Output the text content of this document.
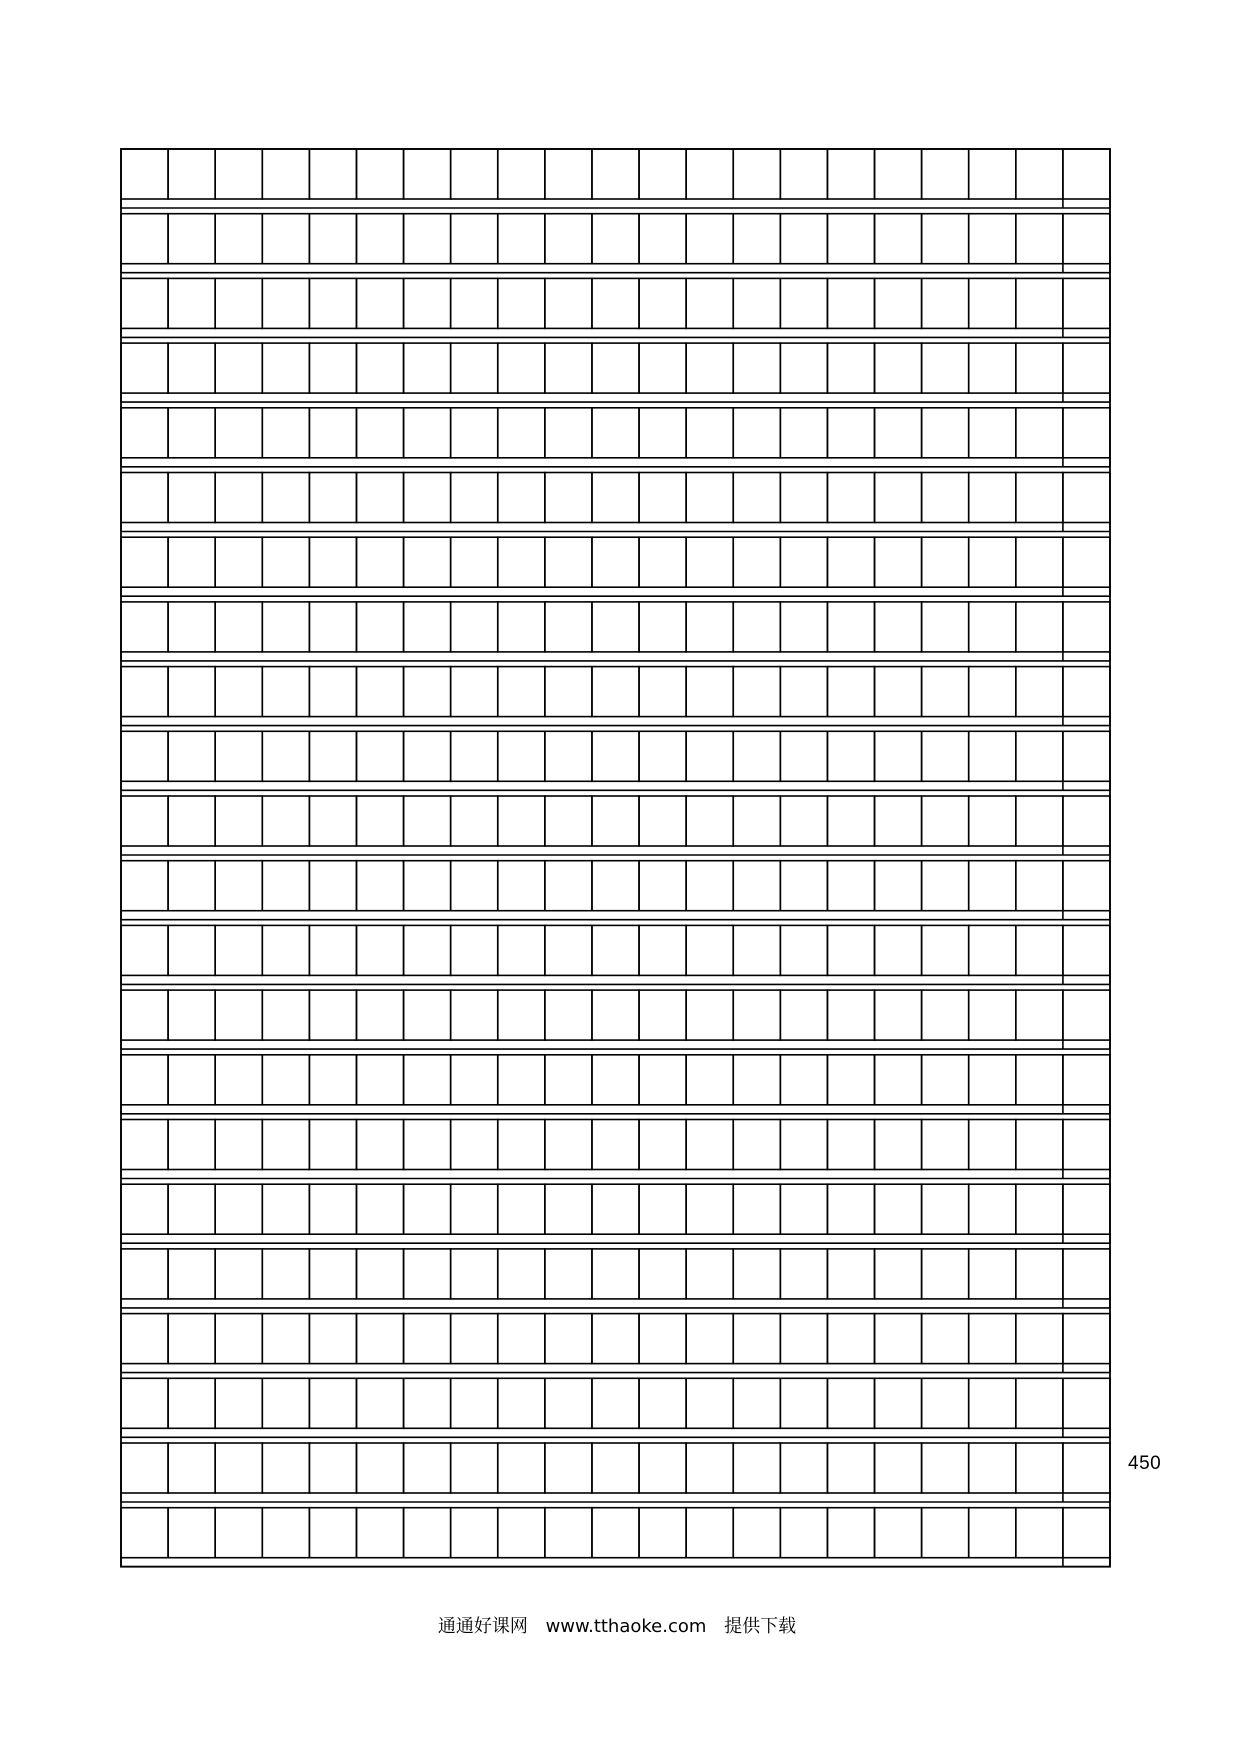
450
通通好课网 www.tthaoke.com 提供下载
